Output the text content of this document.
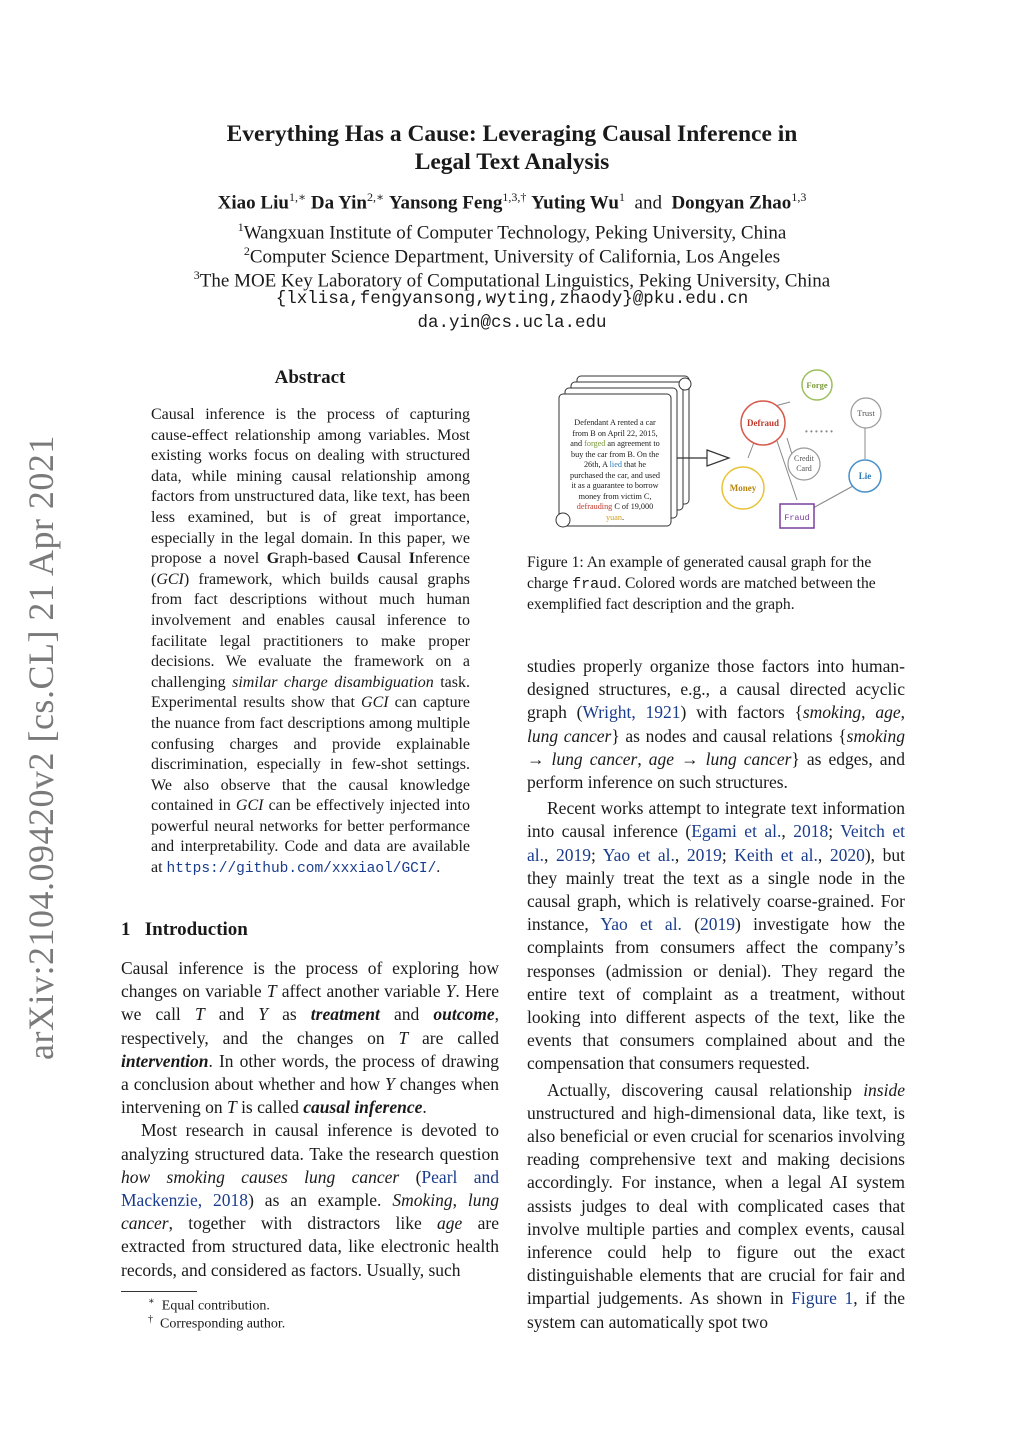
arXiv:2104.09420v2 [cs.CL] 21 Apr 2021
Everything Has a Cause: Leveraging Causal Inference in
Legal Text Analysis
Xiao Liu$^{1,∗}$ Da Yin$^{2,∗}$ Yansong Feng$^{1,3,\dagger}$ Yuting Wu$^1$ and Dongyan Zhao$^{1,3}$
$^1$Wangxuan Institute of Computer Technology, Peking University, China
$^2$Computer Science Department, University of California, Los Angeles
$^3$The MOE Key Laboratory of Computational Linguistics, Peking University, China
{lxlisa,fengyansong,wyting,zhaody}@pku.edu.cn
da.yin@cs.ucla.edu
Abstract
Causal inference is the process of capturing cause-effect relationship among variables. Most existing works focus on dealing with structured data, while mining causal relationship among factors from unstructured data, like text, has been less examined, but is of great importance, especially in the legal domain. In this paper, we propose a novel Graph-based Causal Inference (GCI) framework, which builds causal graphs from fact descriptions without much human involvement and enables causal inference to facilitate legal practitioners to make proper decisions. We evaluate the framework on a challenging similar charge disambiguation task. Experimental results show that GCI can capture the nuance from fact descriptions among multiple confusing charges and provide explainable discrimination, especially in few-shot settings. We also observe that the causal knowledge contained in GCI can be effectively injected into powerful neural networks for better performance and interpretability. Code and data are available at https://github.com/xxxiaol/GCI/.
1 Introduction

Causal inference is the process of exploring how changes on variable T affect another variable Y. Here we call T and Y as treatment and outcome, respectively, and the changes on T are called intervention. In other words, the process of drawing a conclusion about whether and how Y changes when intervening on T is called causal inference.

Most research in causal inference is devoted to analyzing structured data. Take the research question how smoking causes lung cancer (Pearl and Mackenzie, 2018) as an example. Smoking, lung cancer, together with distractors like age are extracted from structured data, like electronic health records, and considered as factors. Usually, such

∗ Equal contribution.
† Corresponding author.
• • • • • •
Forge
Defraud
Trust
Credit
Card
Money
Lie
Fraud
Defendant A rented a car
from B on April 22, 2015,
and forged an agreement to
buy the car from B. On the
26th, A lied that he
purchased the car, and used
it as a guarantee to borrow
money from victim C,
defrauding C of 19,000
yuan.
Figure 1: An example of generated causal graph for the charge fraud. Colored words are matched between the exemplified fact description and the graph.

studies properly organize those factors into human-designed structures, e.g., a causal directed acyclic graph (Wright, 1921) with factors {smoking, age, lung cancer} as nodes and causal relations {smoking → lung cancer, age → lung cancer} as edges, and perform inference on such structures.

Recent works attempt to integrate text information into causal inference (Egami et al., 2018; Veitch et al., 2019; Yao et al., 2019; Keith et al., 2020), but they mainly treat the text as a single node in the causal graph, which is relatively coarse-grained. For instance, Yao et al. (2019) investigate how the complaints from consumers affect the company’s responses (admission or denial). They regard the entire text of complaint as a treatment, without looking into different aspects of the text, like the events that consumers complained about and the compensation that consumers requested.

Actually, discovering causal relationship inside unstructured and high-dimensional data, like text, is also beneficial or even crucial for scenarios involving reading comprehensive text and making decisions accordingly. For instance, when a legal AI system assists judges to deal with complicated cases that involve multiple parties and complex events, causal inference could help to figure out the exact distinguishable elements that are crucial for fair and impartial judgements. As shown in Figure 1, if the system can automatically spot two
